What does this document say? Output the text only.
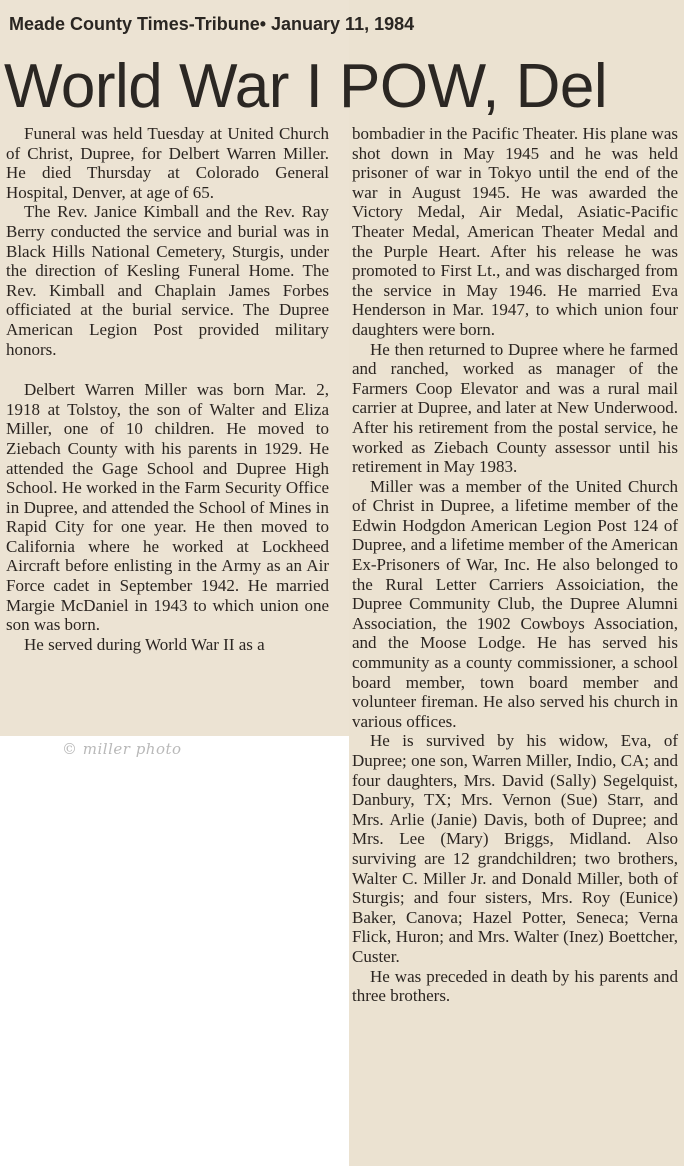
Meade County Times-Tribune• January 11, 1984
World War I POW, Del

Funeral was held Tuesday at United Church of Christ, Dupree, for Delbert Warren Miller. He died Thursday at Colorado General Hospital, Denver, at age of 65.

The Rev. Janice Kimball and the Rev. Ray Berry conducted the service and burial was in Black Hills National Cemetery, Sturgis, under the direction of Kesling Funeral Home. The Rev. Kimball and Chaplain James Forbes officiated at the burial service. The Dupree American Legion Post provided military honors.

Delbert Warren Miller was born Mar. 2, 1918 at Tolstoy, the son of Walter and Eliza Miller, one of 10 children. He moved to Ziebach County with his parents in 1929. He attended the Gage School and Dupree High School. He worked in the Farm Security Office in Dupree, and attended the School of Mines in Rapid City for one year. He then moved to California where he worked at Lockheed Aircraft before enlisting in the Army as an Air Force cadet in September 1942. He married Margie McDaniel in 1943 to which union one son was born.

He served during World War II as a

bombadier in the Pacific Theater. His plane was shot down in May 1945 and he was held prisoner of war in Tokyo until the end of the war in August 1945. He was awarded the Victory Medal, Air Medal, Asiatic-Pacific Theater Medal, American Theater Medal and the Purple Heart. After his release he was promoted to First Lt., and was discharged from the service in May 1946. He married Eva Henderson in Mar. 1947, to which union four daughters were born.

He then returned to Dupree where he farmed and ranched, worked as manager of the Farmers Coop Elevator and was a rural mail carrier at Dupree, and later at New Underwood. After his retirement from the postal service, he worked as Ziebach County assessor until his retirement in May 1983.

Miller was a member of the United Church of Christ in Dupree, a lifetime member of the Edwin Hodgdon American Legion Post 124 of Dupree, and a lifetime member of the American Ex-Prisoners of War, Inc. He also belonged to the Rural Letter Carriers Assoiciation, the Dupree Community Club, the Dupree Alumni Association, the 1902 Cowboys Association, and the Moose Lodge. He has served his community as a county commissioner, a school board member, town board member and volunteer fireman. He also served his church in various offices.

He is survived by his widow, Eva, of Dupree; one son, Warren Miller, Indio, CA; and four daughters, Mrs. David (Sally) Segelquist, Danbury, TX; Mrs. Vernon (Sue) Starr, and Mrs. Arlie (Janie) Davis, both of Dupree; and Mrs. Lee (Mary) Briggs, Midland. Also surviving are 12 grandchildren; two brothers, Walter C. Miller Jr. and Donald Miller, both of Sturgis; and four sisters, Mrs. Roy (Eunice) Baker, Canova; Hazel Potter, Seneca; Verna Flick, Huron; and Mrs. Walter (Inez) Boettcher, Custer.

He was preceded in death by his parents and three brothers.

© miller photo
